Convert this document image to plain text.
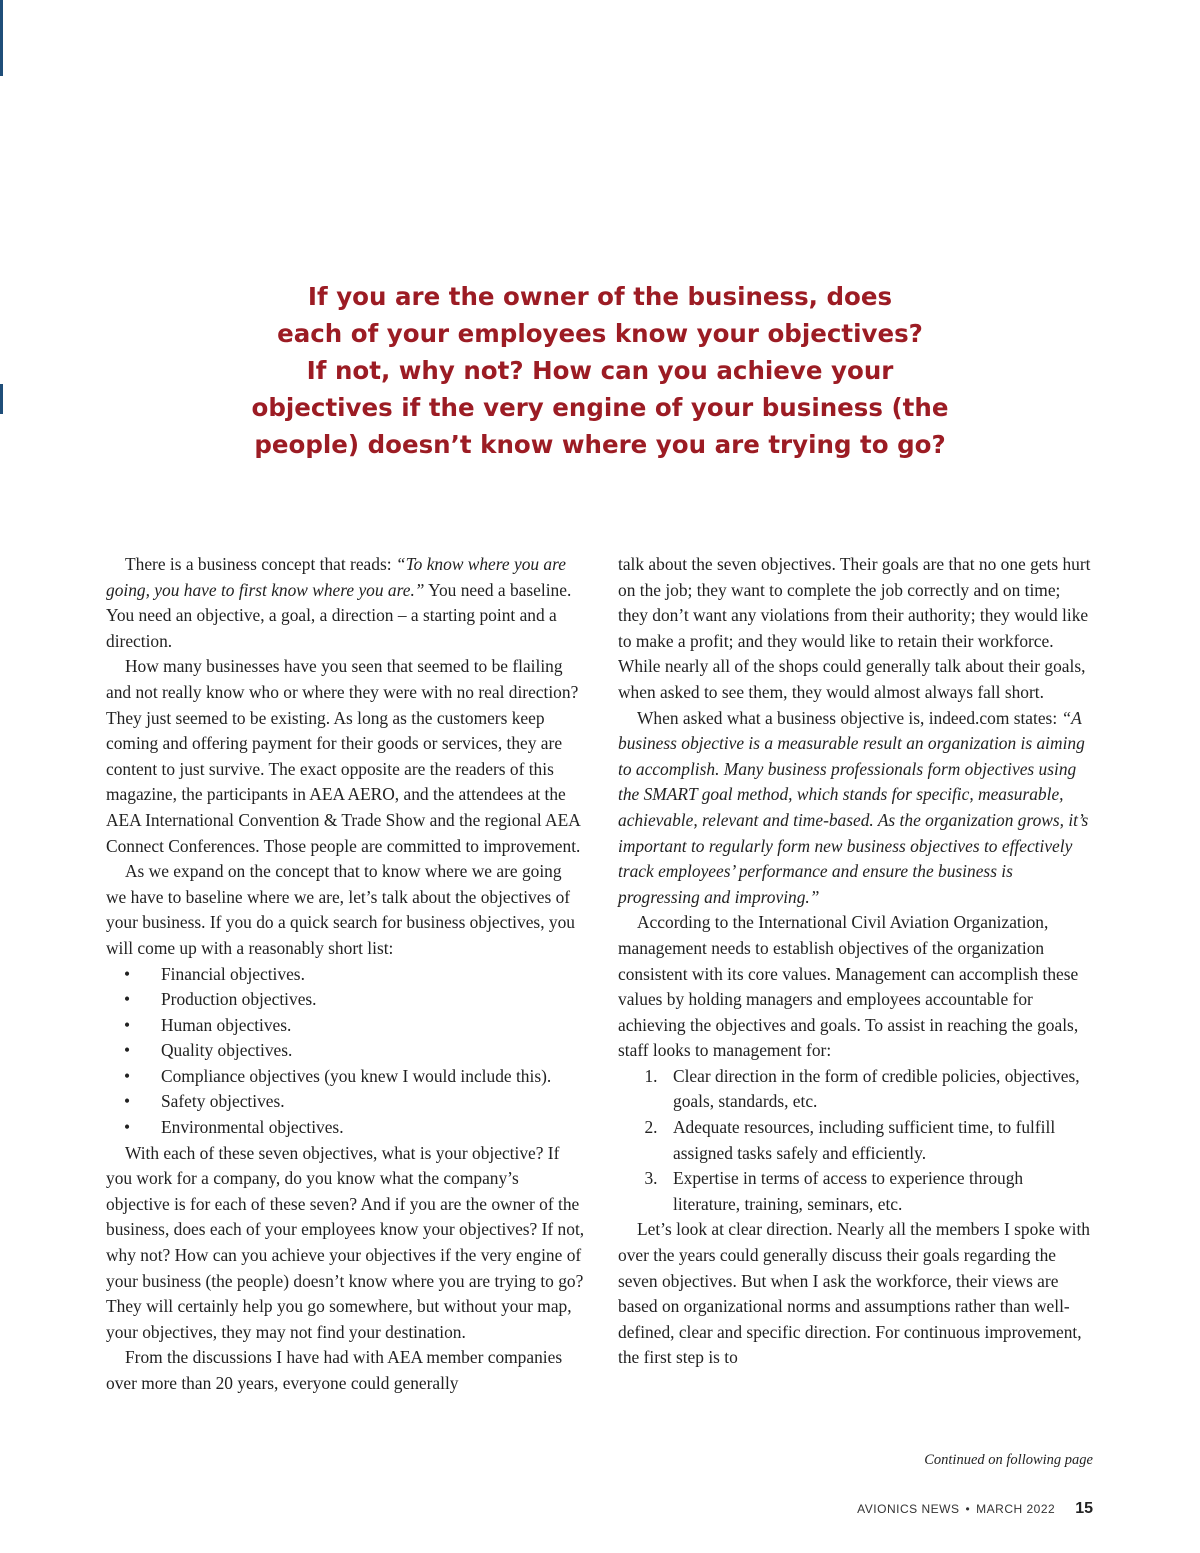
If you are the owner of the business, does
each of your employees know your objectives?
If not, why not? How can you achieve your
objectives if the very engine of your business (the
people) doesn’t know where you are trying to go?

There is a business concept that reads: “To know where you are going, you have to first know where you are.” You need a baseline. You need an objective, a goal, a direction – a starting point and a direction.

How many businesses have you seen that seemed to be flailing and not really know who or where they were with no real direction? They just seemed to be existing. As long as the customers keep coming and offering payment for their goods or services, they are content to just survive. The exact opposite are the readers of this magazine, the participants in AEA AERO, and the attendees at the AEA International Convention & Trade Show and the regional AEA Connect Conferences. Those people are committed to improvement.

As we expand on the concept that to know where we are going we have to baseline where we are, let’s talk about the objectives of your business. If you do a quick search for business objectives, you will come up with a reasonably short list:

• Financial objectives.
• Production objectives.
• Human objectives.
• Quality objectives.
• Compliance objectives (you knew I would include this).
• Safety objectives.
• Environmental objectives.

With each of these seven objectives, what is your objective? If you work for a company, do you know what the company’s objective is for each of these seven? And if you are the owner of the business, does each of your employees know your objectives? If not, why not? How can you achieve your objectives if the very engine of your business (the people) doesn’t know where you are trying to go? They will certainly help you go somewhere, but without your map, your objectives, they may not find your destination.

From the discussions I have had with AEA member companies over more than 20 years, everyone could generally

talk about the seven objectives. Their goals are that no one gets hurt on the job; they want to complete the job correctly and on time; they don’t want any violations from their authority; they would like to make a profit; and they would like to retain their workforce. While nearly all of the shops could generally talk about their goals, when asked to see them, they would almost always fall short.

When asked what a business objective is, indeed.com states: “A business objective is a measurable result an organization is aiming to accomplish. Many business professionals form objectives using the SMART goal method, which stands for specific, measurable, achievable, relevant and time-based. As the organization grows, it’s important to regularly form new business objectives to effectively track employees’ performance and ensure the business is progressing and improving.”

According to the International Civil Aviation Organization, management needs to establish objectives of the organization consistent with its core values. Management can accomplish these values by holding managers and employees accountable for achieving the objectives and goals. To assist in reaching the goals, staff looks to management for:

1. Clear direction in the form of credible policies, objectives, goals, standards, etc.
2. Adequate resources, including sufficient time, to fulfill assigned tasks safely and efficiently.
3. Expertise in terms of access to experience through literature, training, seminars, etc.

Let’s look at clear direction. Nearly all the members I spoke with over the years could generally discuss their goals regarding the seven objectives. But when I ask the workforce, their views are based on organizational norms and assumptions rather than well-defined, clear and specific direction. For continuous improvement, the first step is to

Continued on following page
AVIONICS NEWS • MARCH 2022 15
